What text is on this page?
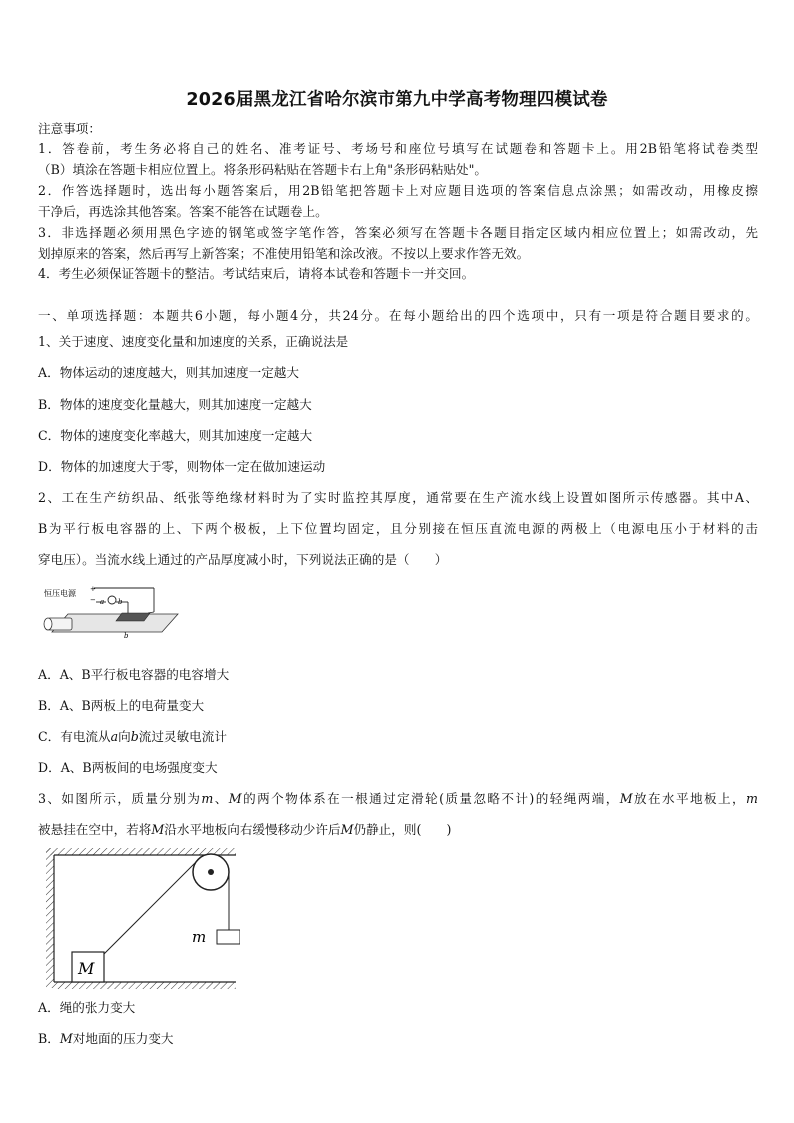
2026届黑龙江省哈尔滨市第九中学高考物理四模试卷
注意事项：
1．答卷前，考生务必将自己的姓名、准考证号、考场号和座位号填写在试题卷和答题卡上。用2B铅笔将试卷类型
（B）填涂在答题卡相应位置上。将条形码粘贴在答题卡右上角"条形码粘贴处"。
2．作答选择题时，选出每小题答案后，用2B铅笔把答题卡上对应题目选项的答案信息点涂黑；如需改动，用橡皮擦
干净后，再选涂其他答案。答案不能答在试题卷上。
3．非选择题必须用黑色字迹的钢笔或签字笔作答，答案必须写在答题卡各题目指定区域内相应位置上；如需改动，先
划掉原来的答案，然后再写上新答案；不准使用铅笔和涂改液。不按以上要求作答无效。
4．考生必须保证答题卡的整洁。考试结束后，请将本试卷和答题卡一并交回。
一、单项选择题：本题共6小题，每小题4分，共24分。在每小题给出的四个选项中，只有一项是符合题目要求的。
1、关于速度、速度变化量和加速度的关系，正确说法是
A．物体运动的速度越大，则其加速度一定越大
B．物体的速度变化量越大，则其加速度一定越大
C．物体的速度变化率越大，则其加速度一定越大
D．物体的加速度大于零，则物体一定在做加速运动
2、工在生产纺织品、纸张等绝缘材料时为了实时监控其厚度，通常要在生产流水线上设置如图所示传感器。其中A、
B为平行板电容器的上、下两个极板，上下位置均固定，且分别接在恒压直流电源的两极上（电源电压小于材料的击
穿电压）。当流水线上通过的产品厚度减小时，下列说法正确的是（　　）
恒压电源 +
− a b
b
A．A、B平行板电容器的电容增大
B．A、B两板上的电荷量变大
C．有电流从a向b流过灵敏电流计
D．A、B两板间的电场强度变大
3、如图所示，质量分别为m、M的两个物体系在一根通过定滑轮(质量忽略不计)的轻绳两端，M放在水平地板上，m
被悬挂在空中，若将M沿水平地板向右缓慢移动少许后M仍静止，则(　　)
m
M
A．绳的张力变大
B．M对地面的压力变大
